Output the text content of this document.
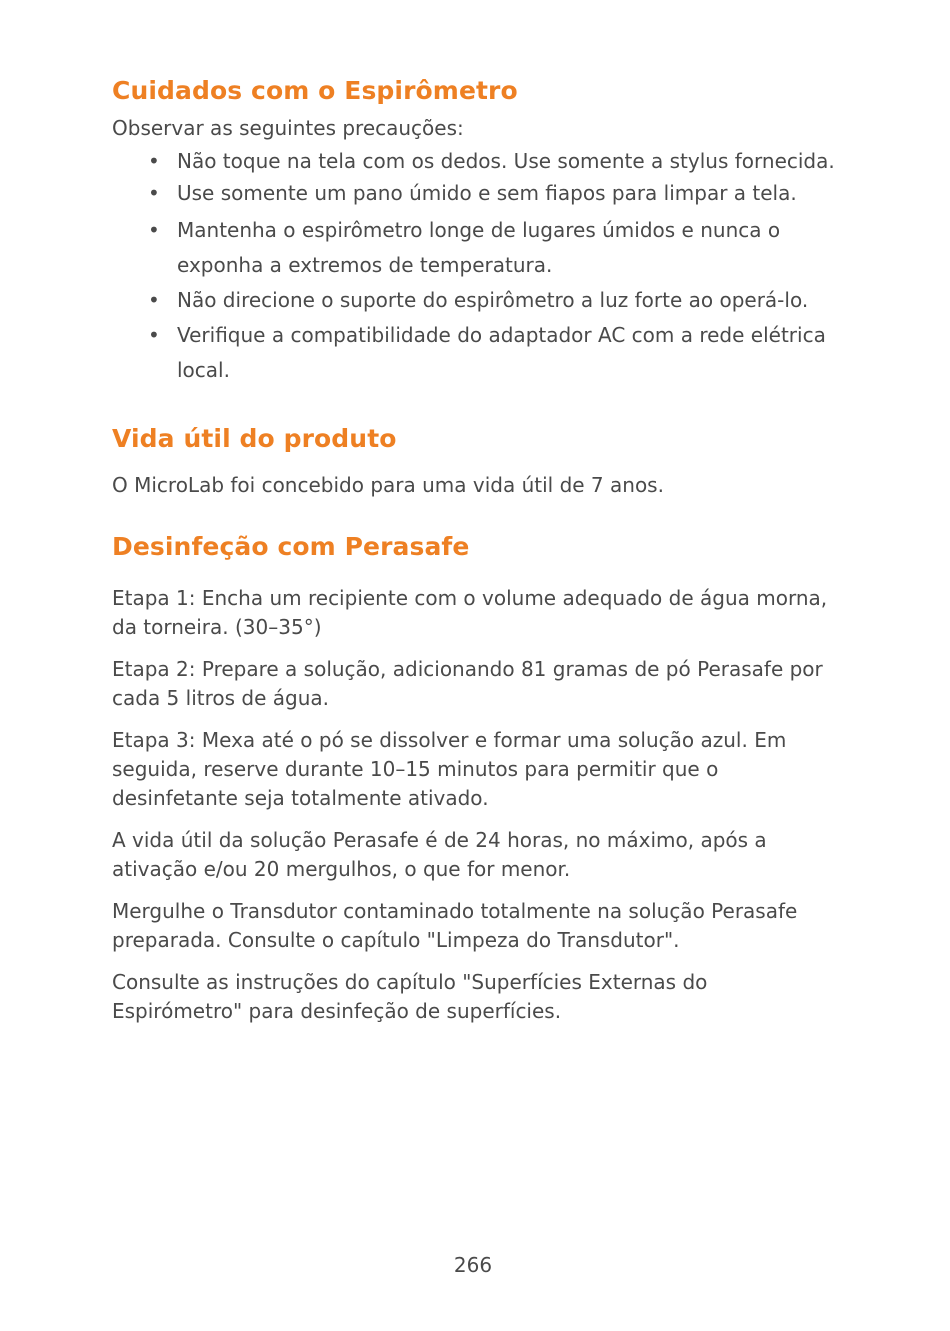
Cuidados com o Espirômetro

Observar as seguintes precauções:

• Não toque na tela com os dedos. Use somente a stylus fornecida.
• Use somente um pano úmido e sem fiapos para limpar a tela.
• Mantenha o espirômetro longe de lugares úmidos e nunca o exponha a extremos de temperatura.
• Não direcione o suporte do espirômetro a luz forte ao operá-lo.
• Verifique a compatibilidade do adaptador AC com a rede elétrica local.
Vida útil do produto

O MicroLab foi concebido para uma vida útil de 7 anos.

Desinfeção com Perasafe

Etapa 1: Encha um recipiente com o volume adequado de água morna, da torneira. (30–35°)

Etapa 2: Prepare a solução, adicionando 81 gramas de pó Perasafe por cada 5 litros de água.

Etapa 3: Mexa até o pó se dissolver e formar uma solução azul. Em seguida, reserve durante 10–15 minutos para permitir que o desinfetante seja totalmente ativado.

A vida útil da solução Perasafe é de 24 horas, no máximo, após a ativação e/ou 20 mergulhos, o que for menor.

Mergulhe o Transdutor contaminado totalmente na solução Perasafe preparada. Consulte o capítulo "Limpeza do Transdutor".

Consulte as instruções do capítulo "Superfícies Externas do Espirómetro" para desinfeção de superfícies.

266
